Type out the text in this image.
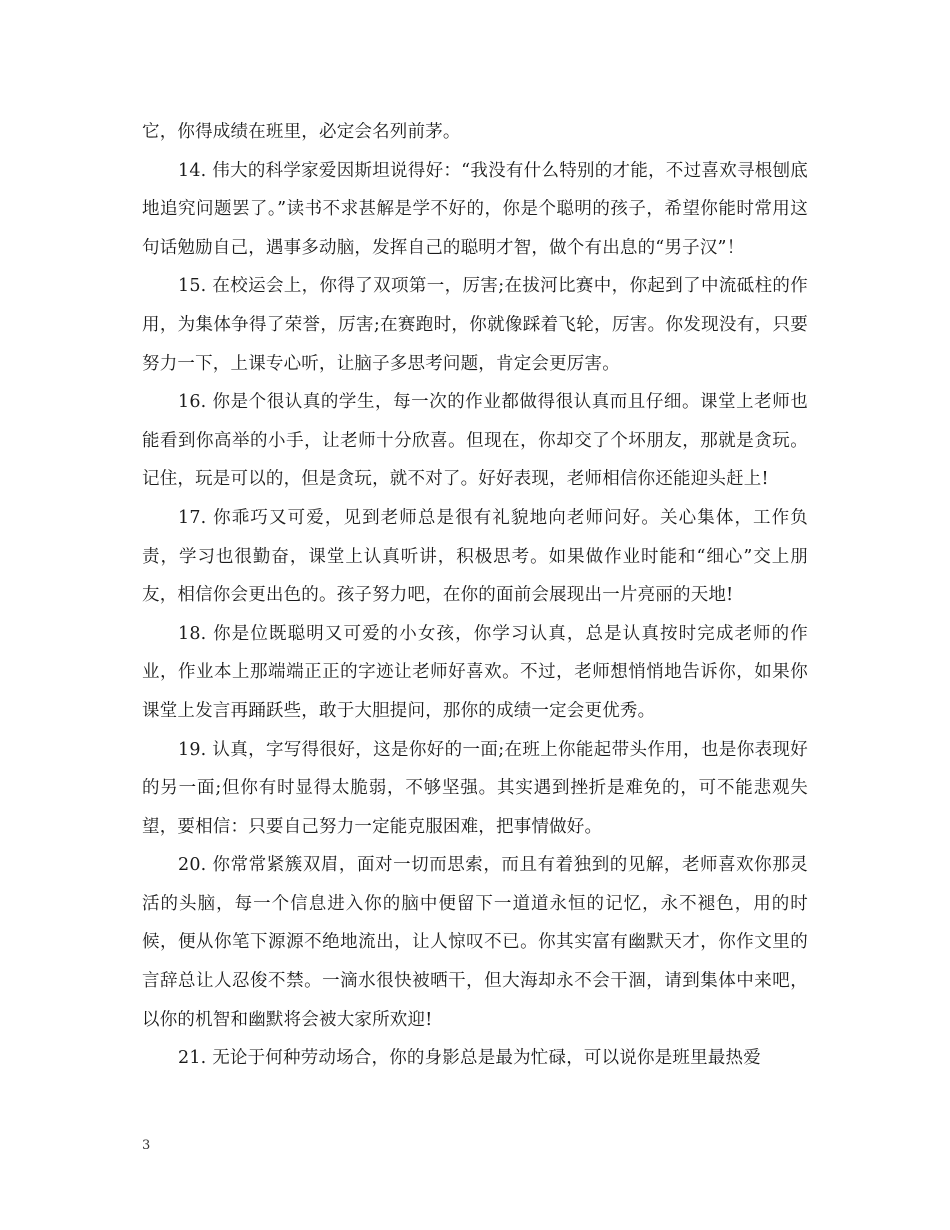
它，你得成绩在班里，必定会名列前茅。

14. 伟大的科学家爱因斯坦说得好：“我没有什么特别的才能，不过喜欢寻根刨底地追究问题罢了。”读书不求甚解是学不好的，你是个聪明的孩子，希望你能时常用这句话勉励自己，遇事多动脑，发挥自己的聪明才智，做个有出息的“男子汉”！

15. 在校运会上，你得了双项第一，厉害;在拔河比赛中，你起到了中流砥柱的作用，为集体争得了荣誉，厉害;在赛跑时，你就像踩着飞轮，厉害。你发现没有，只要努力一下，上课专心听，让脑子多思考问题，肯定会更厉害。

16. 你是个很认真的学生，每一次的作业都做得很认真而且仔细。课堂上老师也能看到你高举的小手，让老师十分欣喜。但现在，你却交了个坏朋友，那就是贪玩。记住，玩是可以的，但是贪玩，就不对了。好好表现，老师相信你还能迎头赶上!

17. 你乖巧又可爱，见到老师总是很有礼貌地向老师问好。关心集体，工作负责，学习也很勤奋，课堂上认真听讲，积极思考。如果做作业时能和“细心”交上朋友，相信你会更出色的。孩子努力吧，在你的面前会展现出一片亮丽的天地!

18. 你是位既聪明又可爱的小女孩，你学习认真，总是认真按时完成老师的作业，作业本上那端端正正的字迹让老师好喜欢。不过，老师想悄悄地告诉你，如果你课堂上发言再踊跃些，敢于大胆提问，那你的成绩一定会更优秀。

19. 认真，字写得很好，这是你好的一面;在班上你能起带头作用，也是你表现好的另一面;但你有时显得太脆弱，不够坚强。其实遇到挫折是难免的，可不能悲观失望，要相信：只要自己努力一定能克服困难，把事情做好。

20. 你常常紧簇双眉，面对一切而思索，而且有着独到的见解，老师喜欢你那灵活的头脑，每一个信息进入你的脑中便留下一道道永恒的记忆，永不褪色，用的时候，便从你笔下源源不绝地流出，让人惊叹不已。你其实富有幽默天才，你作文里的言辞总让人忍俊不禁。一滴水很快被晒干，但大海却永不会干涸，请到集体中来吧，以你的机智和幽默将会被大家所欢迎!

21. 无论于何种劳动场合，你的身影总是最为忙碌，可以说你是班里最热爱

3
